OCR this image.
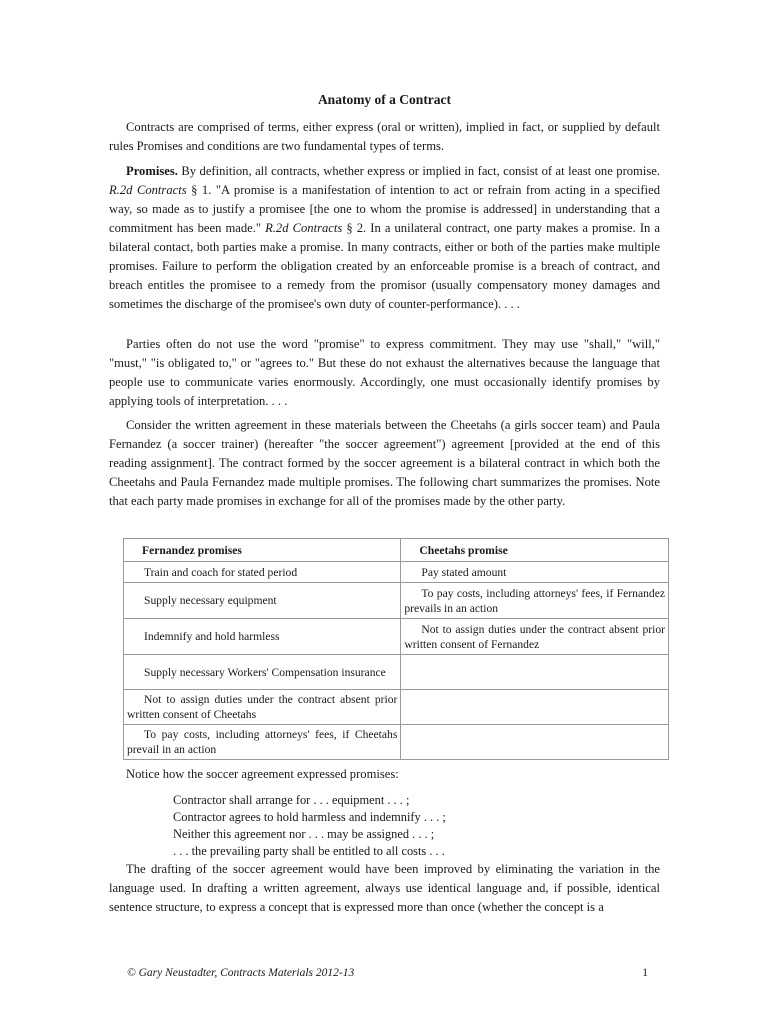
Anatomy of a Contract

Contracts are comprised of terms, either express (oral or written), implied in fact, or supplied by default rules Promises and conditions are two fundamental types of terms.

Promises. By definition, all contracts, whether express or implied in fact, consist of at least one promise. R.2d Contracts § 1. "A promise is a manifestation of intention to act or refrain from acting in a specified way, so made as to justify a promisee [the one to whom the promise is addressed] in understanding that a commitment has been made." R.2d Contracts § 2. In a unilateral contract, one party makes a promise. In a bilateral contact, both parties make a promise. In many contracts, either or both of the parties make multiple promises. Failure to perform the obligation created by an enforceable promise is a breach of contract, and breach entitles the promisee to a remedy from the promisor (usually compensatory money damages and sometimes the discharge of the promisee's own duty of counter-performance). . . .

Parties often do not use the word "promise" to express commitment. They may use "shall," "will," "must," "is obligated to," or "agrees to." But these do not exhaust the alternatives because the language that people use to communicate varies enormously. Accordingly, one must occasionally identify promises by applying tools of interpretation. . . .

Consider the written agreement in these materials between the Cheetahs (a girls soccer team) and Paula Fernandez (a soccer trainer) (hereafter "the soccer agreement") agreement [provided at the end of this reading assignment]. The contract formed by the soccer agreement is a bilateral contract in which both the Cheetahs and Paula Fernandez made multiple promises. The following chart summarizes the promises. Note that each party made promises in exchange for all of the promises made by the other party.

Fernandez promises	Cheetahs promise
Train and coach for stated period	Pay stated amount
Supply necessary equipment	To pay costs, including attorneys' fees, if Fernandez prevails in an action
Indemnify and hold harmless	Not to assign duties under the contract absent prior written consent of Fernandez
Supply necessary Workers' Compensation insurance	
Not to assign duties under the contract absent prior written consent of Cheetahs	
To pay costs, including attorneys' fees, if Cheetahs prevail in an action	
Notice how the soccer agreement expressed promises:
Contractor shall arrange for . . . equipment . . . ;
Contractor agrees to hold harmless and indemnify . . . ;
Neither this agreement nor . . . may be assigned . . . ;
. . . the prevailing party shall be entitled to all costs . . .

The drafting of the soccer agreement would have been improved by eliminating the variation in the language used. In drafting a written agreement, always use identical language and, if possible, identical sentence structure, to express a concept that is expressed more than once (whether the concept is a

© Gary Neustadter, Contracts Materials 2012-13	1
